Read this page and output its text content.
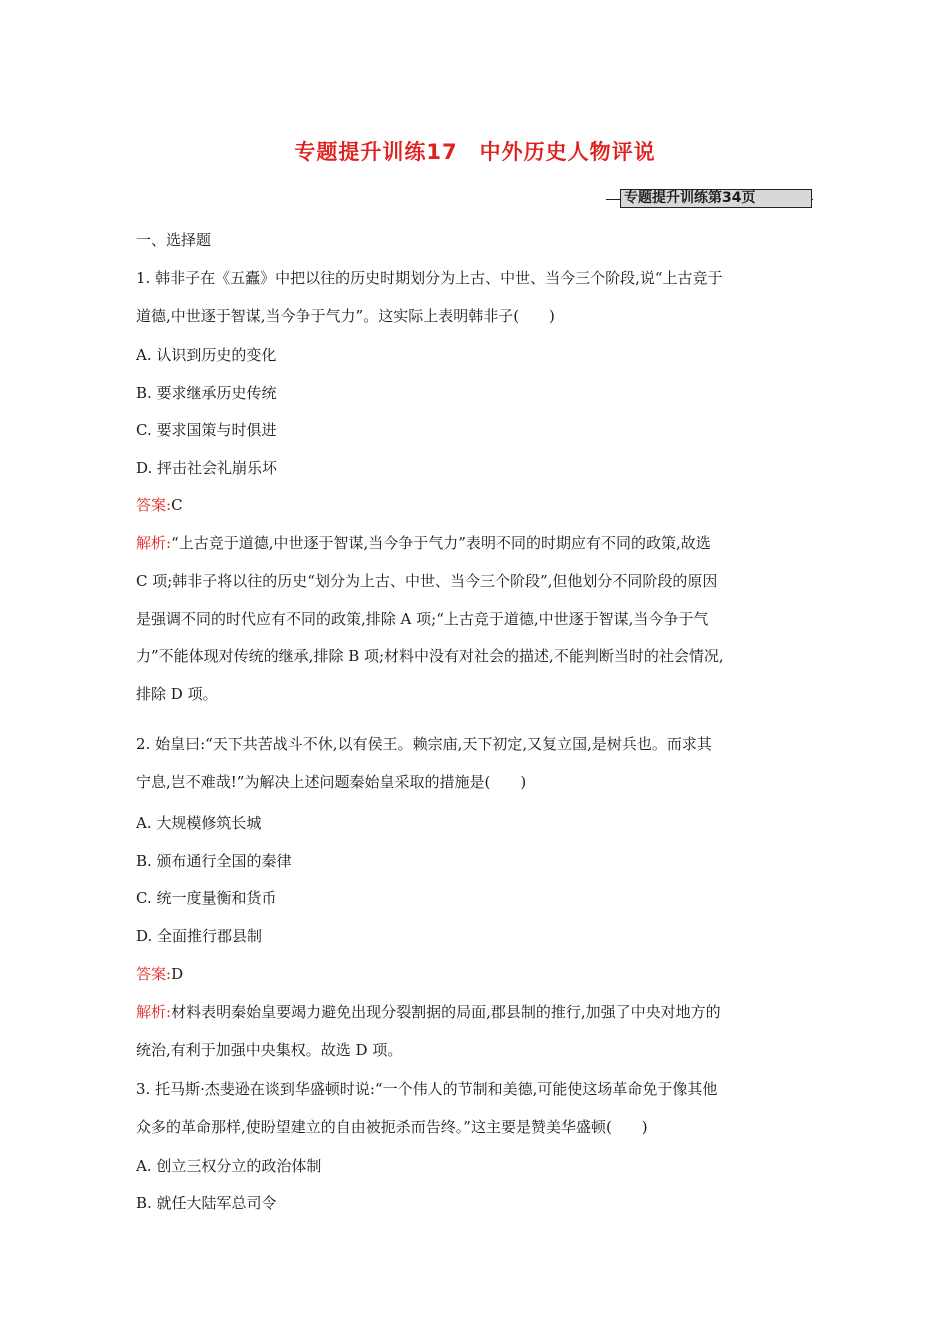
专题提升训练17　中外历史人物评说
专题提升训练第34页
一、选择题
1. 韩非子在《五蠹》中把以往的历史时期划分为上古、中世、当今三个阶段,说“上古竞于
道德,中世逐于智谋,当今争于气力”。这实际上表明韩非子(　　)
A. 认识到历史的变化
B. 要求继承历史传统
C. 要求国策与时俱进
D. 抨击社会礼崩乐坏
答案:C
解析:“上古竞于道德,中世逐于智谋,当今争于气力”表明不同的时期应有不同的政策,故选
C 项;韩非子将以往的历史“划分为上古、中世、当今三个阶段”,但他划分不同阶段的原因
是强调不同的时代应有不同的政策,排除 A 项;“上古竞于道德,中世逐于智谋,当今争于气
力”不能体现对传统的继承,排除 B 项;材料中没有对社会的描述,不能判断当时的社会情况,
排除 D 项。
2. 始皇曰:“天下共苦战斗不休,以有侯王。赖宗庙,天下初定,又复立国,是树兵也。而求其
宁息,岂不难哉!”为解决上述问题秦始皇采取的措施是(　　)
A. 大规模修筑长城
B. 颁布通行全国的秦律
C. 统一度量衡和货币
D. 全面推行郡县制
答案:D
解析:材料表明秦始皇要竭力避免出现分裂割据的局面,郡县制的推行,加强了中央对地方的
统治,有利于加强中央集权。故选 D 项。
3. 托马斯·杰斐逊在谈到华盛顿时说:“一个伟人的节制和美德,可能使这场革命免于像其他
众多的革命那样,使盼望建立的自由被扼杀而告终。”这主要是赞美华盛顿(　　)
A. 创立三权分立的政治体制
B. 就任大陆军总司令
